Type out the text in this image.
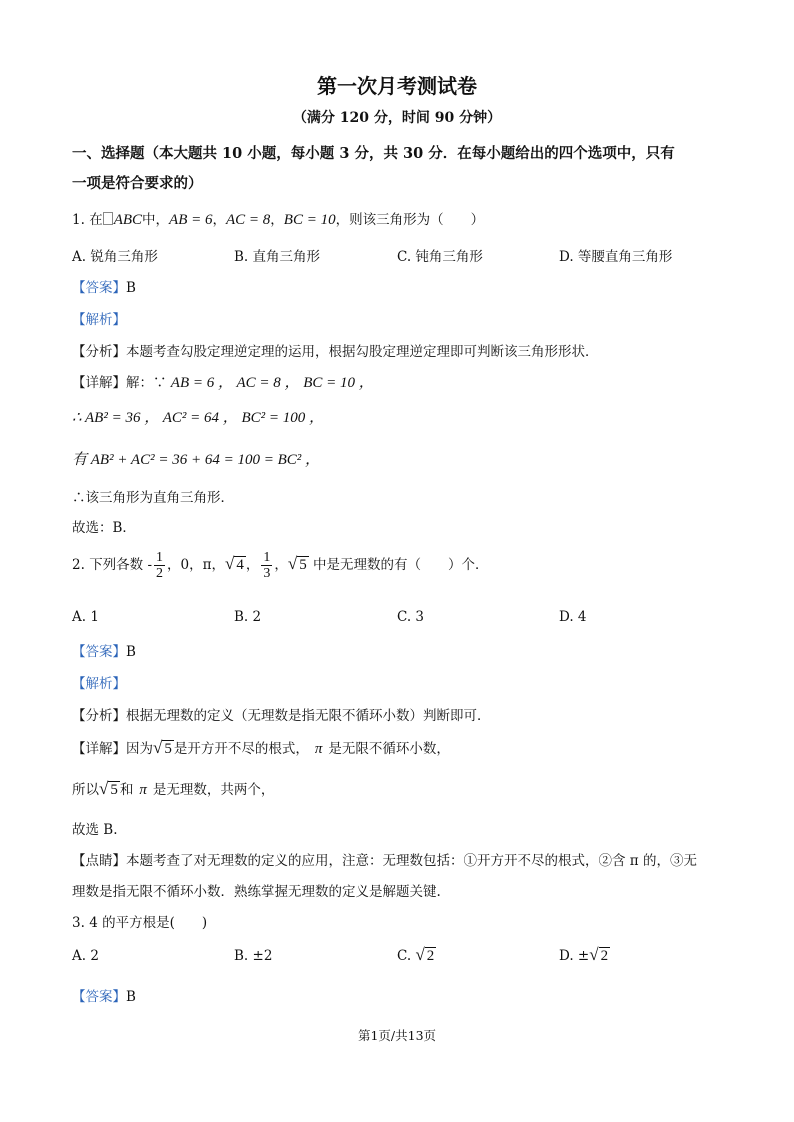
第一次月考测试卷
（满分 120 分，时间 90 分钟）
一、选择题（本大题共 10 小题，每小题 3 分，共 30 分．在每小题给出的四个选项中，只有
一项是符合要求的）
1. 在 ABC中，AB = 6，AC = 8，BC = 10，则该三角形为（　　）
A. 锐角三角形	B. 直角三角形	C. 钝角三角形	D. 等腰直角三角形
【答案】B
【解析】
【分析】本题考查勾股定理逆定理的运用，根据勾股定理逆定理即可判断该三角形形状．
【详解】解：∵ AB = 6 ， AC = 8 ， BC = 10 ，
∴ AB² = 36 ， AC² = 64 ， BC² = 100 ，
有 AB² + AC² = 36 + 64 = 100 = BC² ，
∴该三角形为直角三角形．
故选：B．
2. 下列各数 - $\frac{1}{2}$ ，0，π，√ 4 ， $\frac{1}{3}$ ，√ 5 中是无理数的有（　　）个．
A. 1	B. 2	C. 3	D. 4
【答案】B
【解析】
【分析】根据无理数的定义（无理数是指无限不循环小数）判断即可．
【详解】因为√ 5 是开方开不尽的根式， π 是无限不循环小数，
所以√ 5 和 π 是无理数，共两个，
故选 B.
【点睛】本题考查了对无理数的定义的应用，注意：无理数包括：①开方开不尽的根式，②含 π 的，③无
理数是指无限不循环小数．熟练掌握无理数的定义是解题关键.
3. 4 的平方根是(　　)
A. 2	B. ±2	C. √ 2	D. ±√ 2
【答案】B
第1页/共13页
